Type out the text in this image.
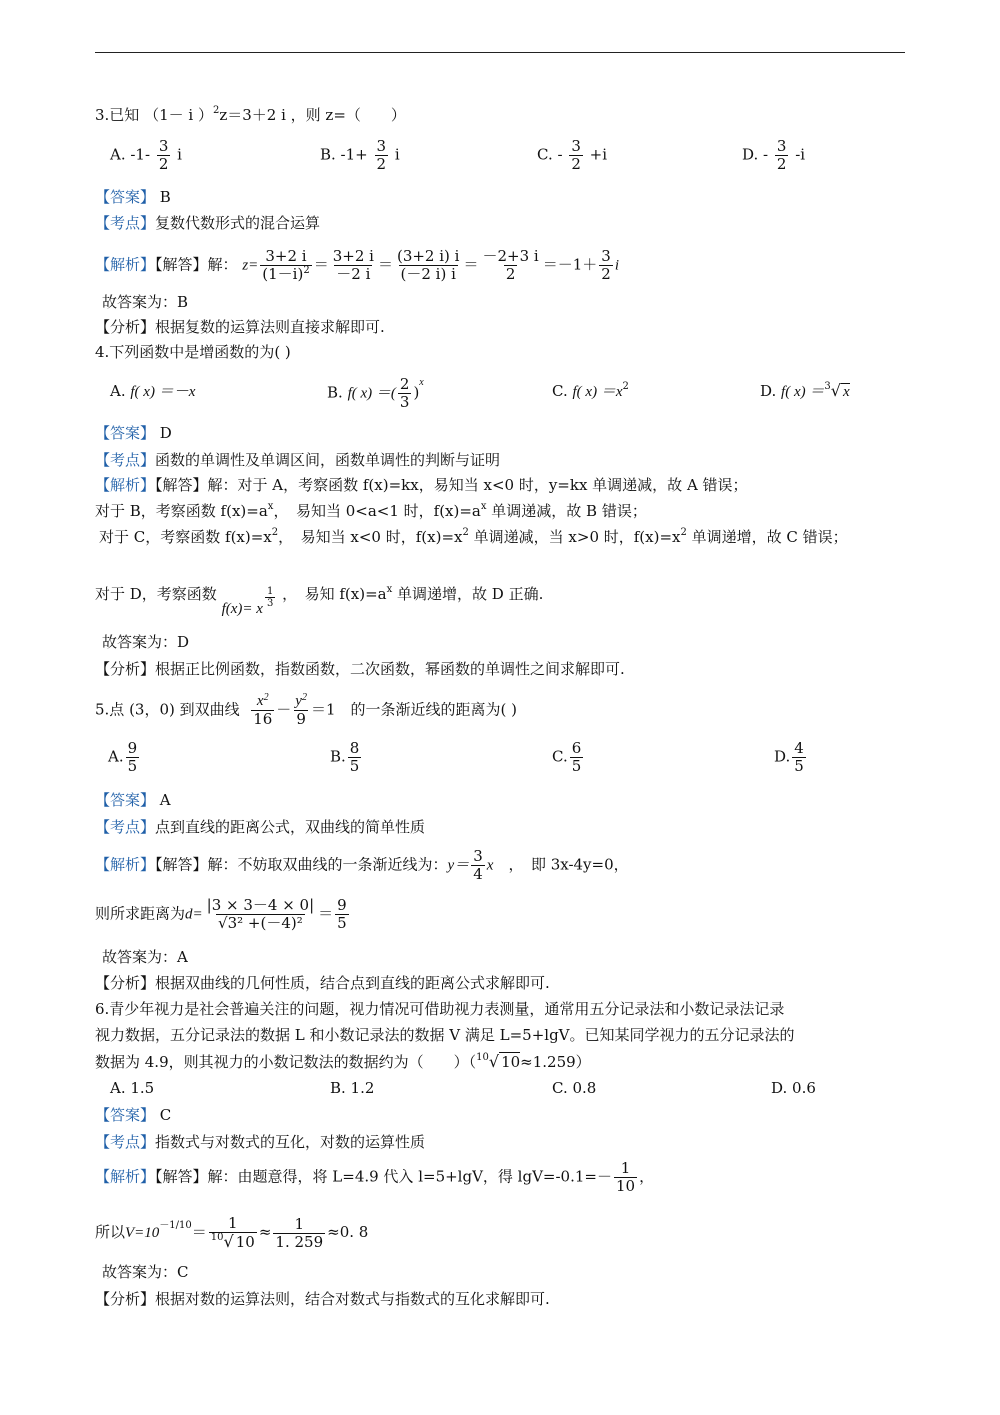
3.已知 （1－ i ）$^2$z＝3＋2 i ，则 z=（　　）
A. $-1- \frac{3}{2}$ i	B. $-1+ \frac{3}{2}$ i	C. - $\frac{3}{2} +i$	D. - $\frac{3}{2} -i$
【答案】 B
【考点】复数代数形式的混合运算
【解析】【解答】解： $z= \frac{3+2 i}{(1-i)^2} = \frac{3+2 i}{-2 i} = \frac{(3+2 i) i}{(-2 i) i} = \frac{-2+3 i}{2} =-1+ \frac{3}{2}$ i
故答案为：B
【分析】根据复数的运算法则直接求解即可.
4.下列函数中是增函数的为( )
A. f( x) ＝－x	B. f( x) ＝( $\frac{2}{3} )^x$	C. f( $x) =x^2$	D. f( x) ＝$^3$√ x
【答案】 D
【考点】函数的单调性及单调区间，函数单调性的判断与证明
【解析】【解答】解：对于 A，考察函数 f(x)=kx，易知当 x<0 时，y=kx 单调递减，故 A 错误；
对于 B，考察函数 $f(x)=a^x$，　易知当 0<a<1 时，$f(x)=a^x$ 单调递减，故 B 错误；
对于 C，考察函数 $f(x)=x^2$，　易知当 x<0 时，$f(x)=x^2$ 单调递减，当 x>0 时，$f(x)=x^2$ 单调递增，故 C 错误；
对于 D，考察函数 f(x)= x
$\frac{1}{3}$ ，　易知 $f(x)=a^x$ 单调递增，故 D 正确.
故答案为：D
【分析】根据正比例函数，指数函数，二次函数，幂函数的单调性之间求解即可.
5.点 (3，0) 到双曲线 $\frac{x^2}{16} - \frac{y^2}{9} =1$　的一条渐近线的距离为( )
A. $\frac{9}{5}$	B. $\frac{8}{5}$	C. $\frac{6}{5}$	D. $\frac{4}{5}$
【答案】 A
【考点】点到直线的距离公式，双曲线的简单性质
【解析】【解答】解：不妨取双曲线的一条渐近线为：$y= \frac{3}{4}$ x　 ，　即 3x-4y=0，
则所求距离为$d= \frac{|3 \times 3-4 \times 0|}{\text{√3² +(－4)²}} = \frac{9}{5}$
故答案为：A
【分析】根据双曲线的几何性质，结合点到直线的距离公式求解即可.
6.青少年视力是社会普遍关注的问题，视力情况可借助视力表测量，通常用五分记录法和小数记录法记录
视力数据，五分记录法的数据 L 和小数记录法的数据 V 满足 L=5+lgV。已知某同学视力的五分记录法的
数据为 4.9，则其视力的小数记数法的数据约为（　　）（$^{10}$√ 10≈1.259）
A. 1.5	B. 1.2	C. 0.8	D. 0.6
【答案】 C
【考点】指数式与对数式的互化，对数的运算性质
【解析】【解答】解：由题意得，将 L=4.9 代入 l=5+lgV，得 $\lg V=-0.1=- \frac{1}{10}$ ，
所以$V=10^{-1/10}= \frac{1}{^{10}√ 10} \approx \frac{1}{1. 259} \approx 0$. 8
故答案为：C
【分析】根据对数的运算法则，结合对数式与指数式的互化求解即可.
